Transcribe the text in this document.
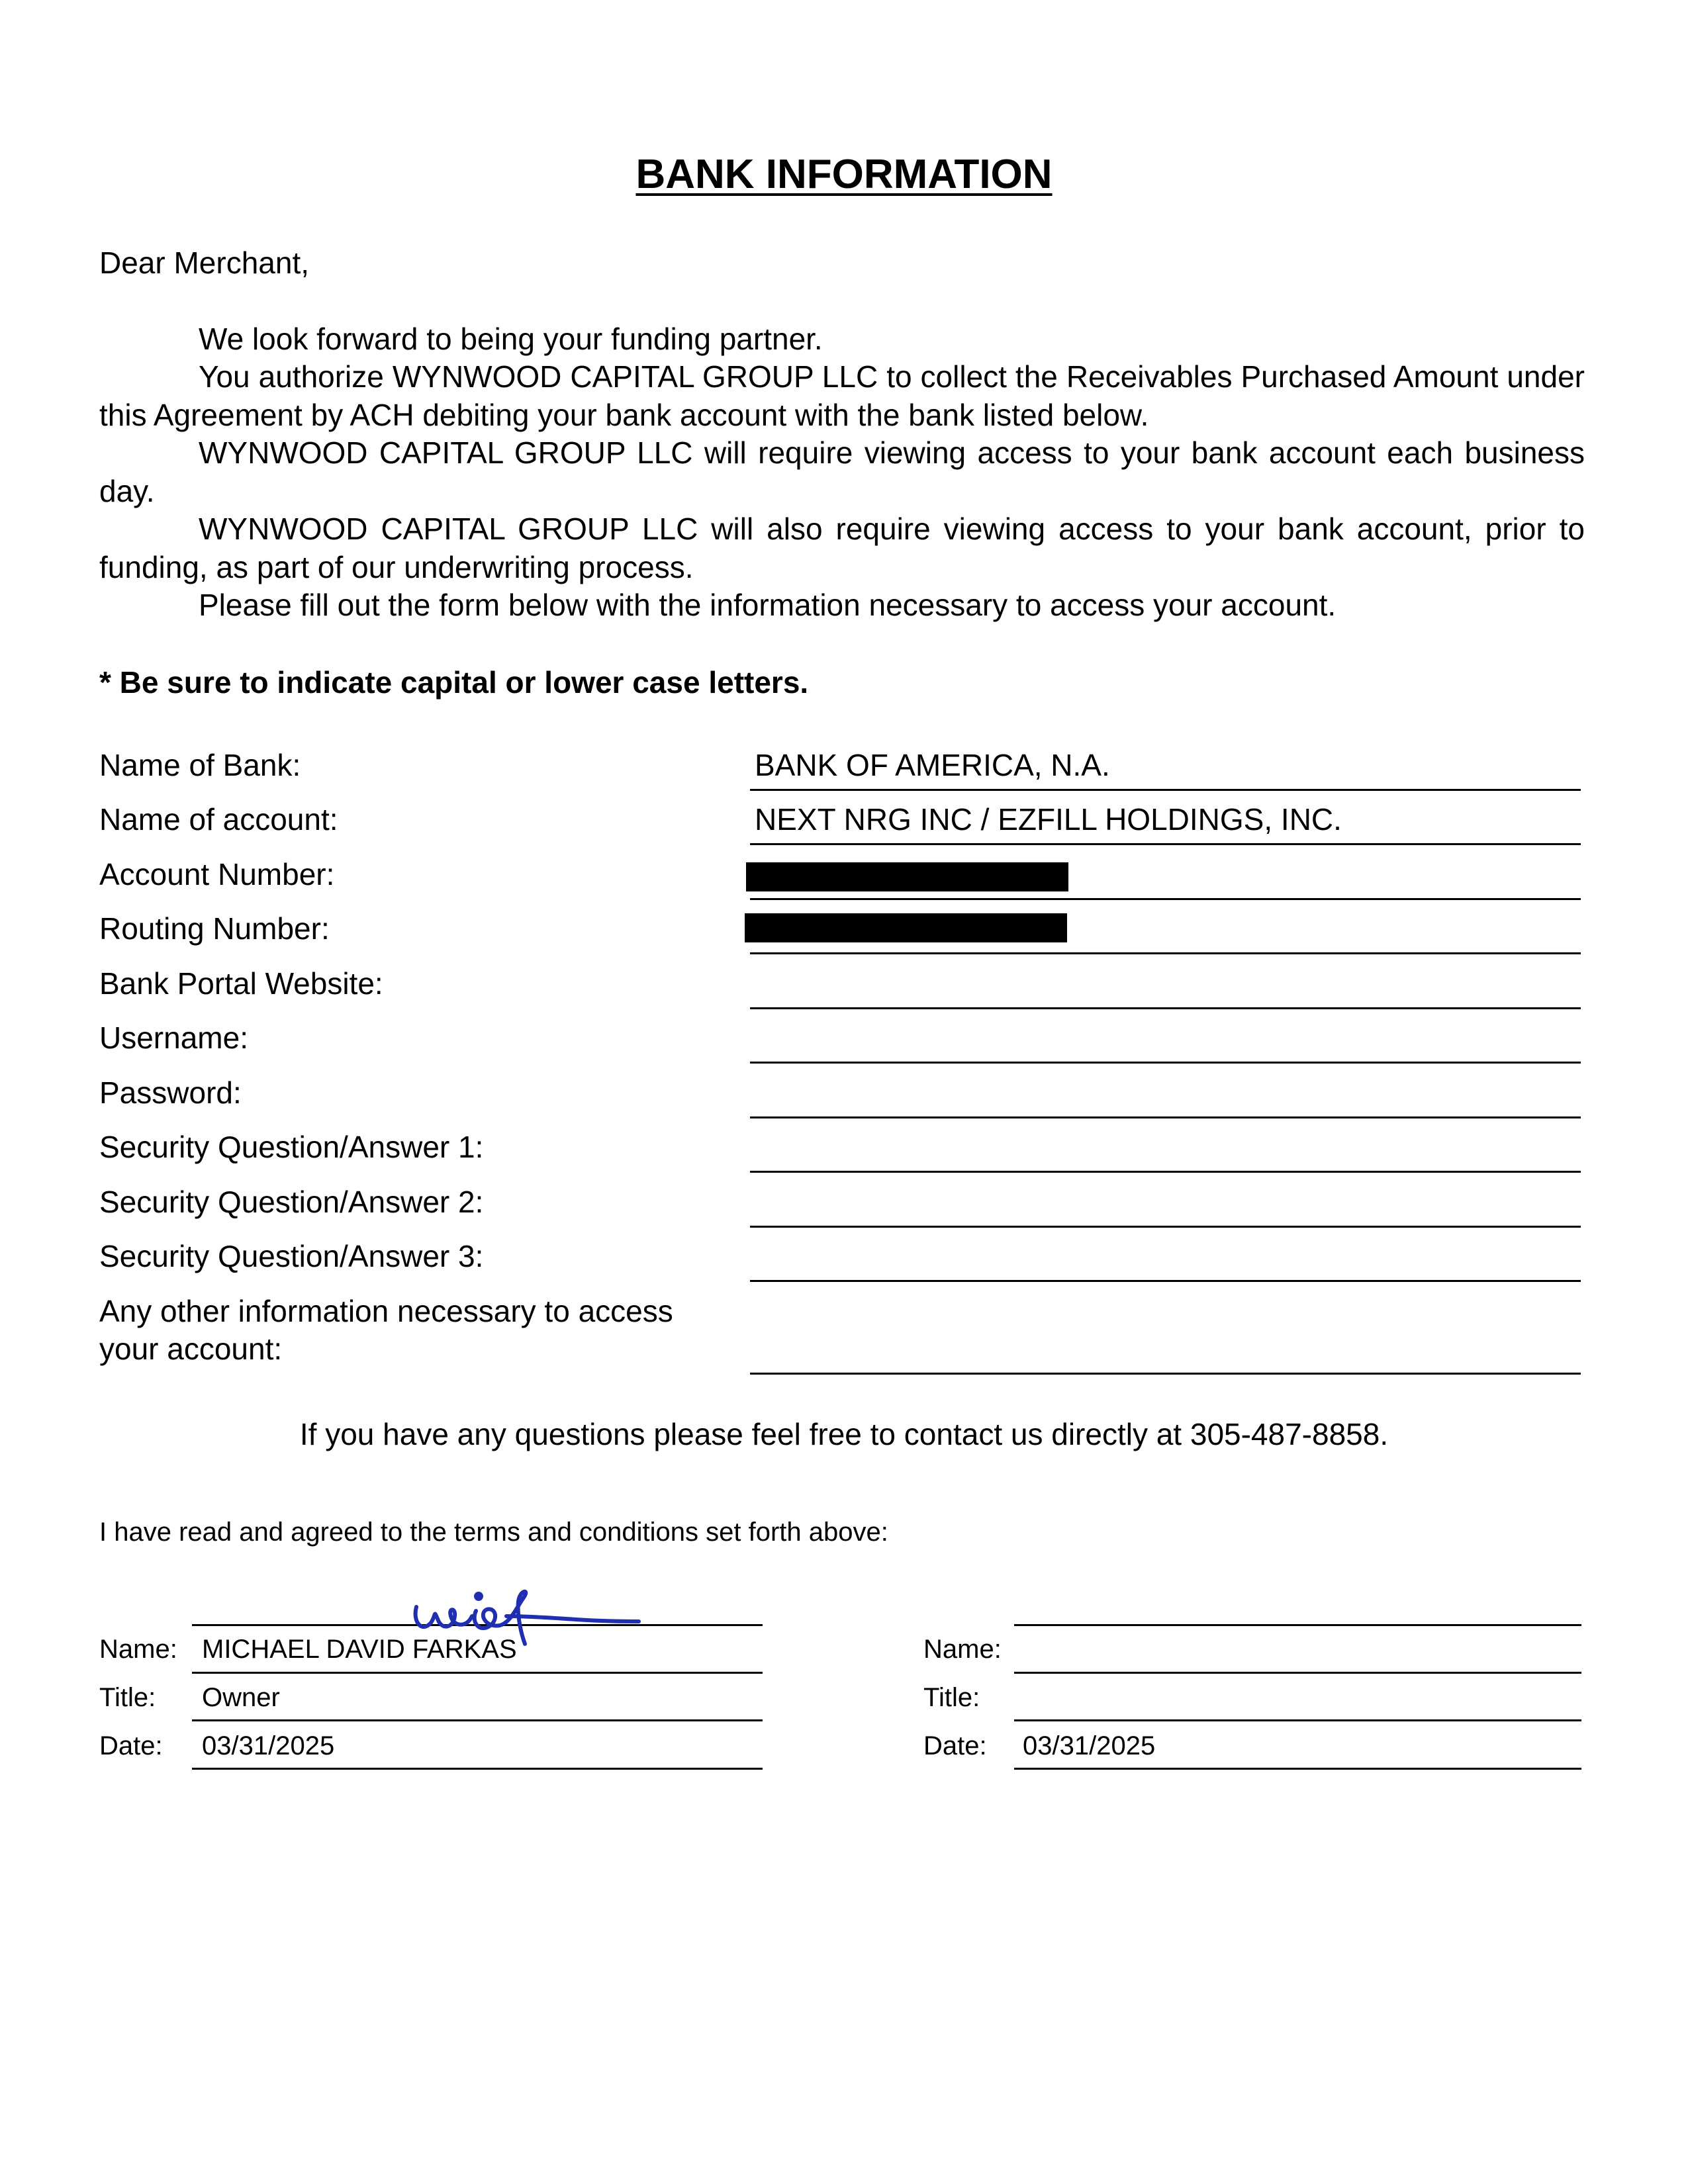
BANK INFORMATION
Dear Merchant,
We look forward to being your funding partner.
You authorize WYNWOOD CAPITAL GROUP LLC to collect the Receivables Purchased Amount under this Agreement by ACH debiting your bank account with the bank listed below.
WYNWOOD CAPITAL GROUP LLC will require viewing access to your bank account each business day.
WYNWOOD CAPITAL GROUP LLC will also require viewing access to your bank account, prior to funding, as part of our underwriting process.
Please fill out the form below with the information necessary to access your account.
* Be sure to indicate capital or lower case letters.
Name of Bank:	BANK OF AMERICA, N.A.
Name of account:	NEXT NRG INC / EZFILL HOLDINGS, INC.
Account Number:
Routing Number:
Bank Portal Website:
Username:
Password:
Security Question/Answer 1:
Security Question/Answer 2:
Security Question/Answer 3:
Any other information necessary to access
your account:
If you have any questions please feel free to contact us directly at 305-487-8858.
I have read and agreed to the terms and conditions set forth above:
Name: MICHAEL DAVID FARKAS
Title: Owner
Date: 03/31/2025
Name:
Title:
Date: 03/31/2025
